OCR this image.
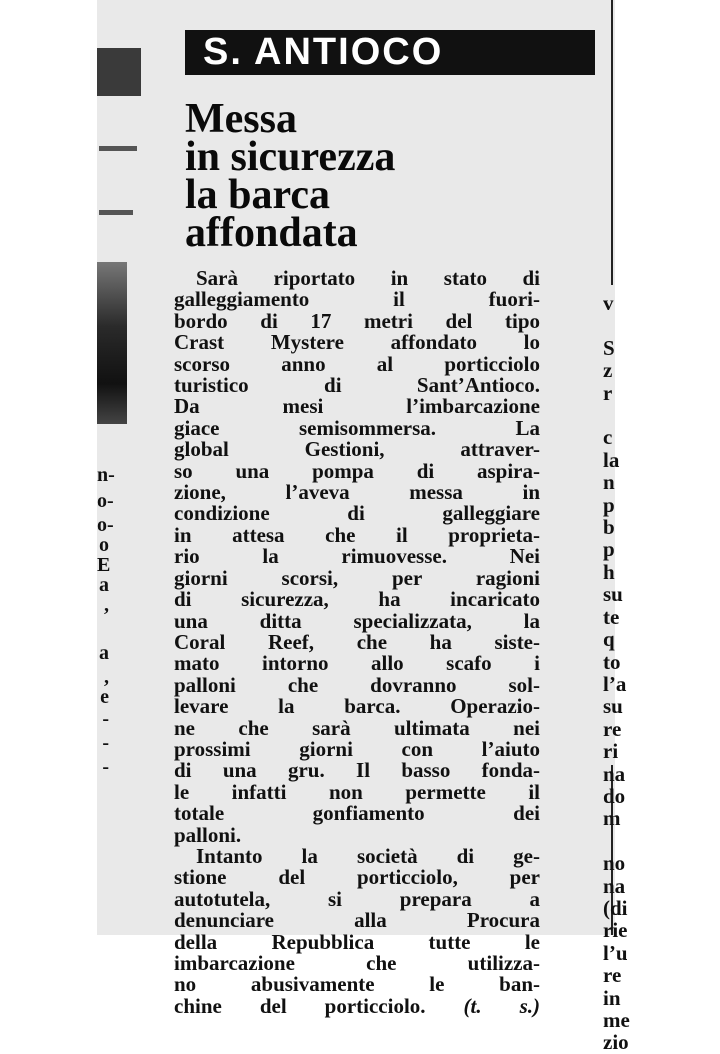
n-
o-
o-
o
E
a
,
a
,
e
-
-
-
S. ANTIOCO
Messa
in sicurezza
la barca
affondata
Sarà riportato in stato di
galleggiamento il fuori-
bordo di 17 metri del tipo
Crast Mystere affondato lo
scorso anno al porticciolo
turistico di Sant’Antioco.
Da mesi l’imbarcazione
giace semisommersa. La
global Gestioni, attraver-
so una pompa di aspira-
zione, l’aveva messa in
condizione di galleggiare
in attesa che il proprieta-
rio la rimuovesse. Nei
giorni scorsi, per ragioni
di sicurezza, ha incaricato
una ditta specializzata, la
Coral Reef, che ha siste-
mato intorno allo scafo i
palloni che dovranno sol-
levare la barca. Operazio-
ne che sarà ultimata nei
prossimi giorni con l’aiuto
di una gru. Il basso fonda-
le infatti non permette il
totale gonfiamento dei
palloni.
Intanto la società di ge-
stione del porticciolo, per
autotutela, si prepara a
denunciare alla Procura
della Repubblica tutte le
imbarcazione che utilizza-
no abusivamente le ban-
chine del porticciolo. (t. s.)
v

S
z
r

c
la
n
p
b
p
h
su
te
q
to
l’a
su
re
ri
na
do
m

no
na
(di
rie
l’u
re
in
me
zio
